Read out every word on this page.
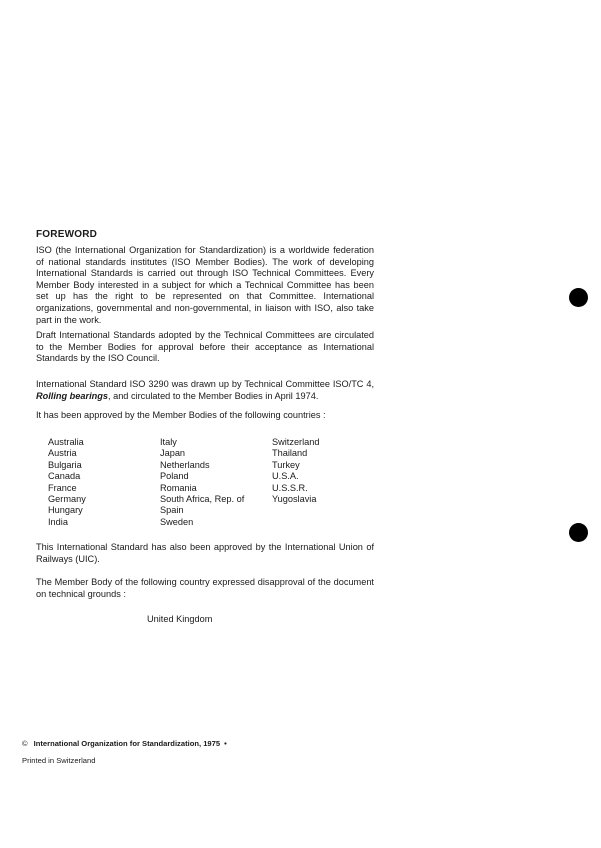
FOREWORD

ISO (the International Organization for Standardization) is a worldwide federation of national standards institutes (ISO Member Bodies). The work of developing International Standards is carried out through ISO Technical Committees. Every Member Body interested in a subject for which a Technical Committee has been set up has the right to be represented on that Committee. International organizations, governmental and non-governmental, in liaison with ISO, also take part in the work.

Draft International Standards adopted by the Technical Committees are circulated to the Member Bodies for approval before their acceptance as International Standards by the ISO Council.

International Standard ISO 3290 was drawn up by Technical Committee ISO/TC 4, Rolling bearings, and circulated to the Member Bodies in April 1974.

It has been approved by the Member Bodies of the following countries :

Australia
Austria
Bulgaria
Canada
France
Germany
Hungary
India
Italy
Japan
Netherlands
Poland
Romania
South Africa, Rep. of
Spain
Sweden
Switzerland
Thailand
Turkey
U.S.A.
U.S.S.R.
Yugoslavia

This International Standard has also been approved by the International Union of Railways (UIC).

The Member Body of the following country expressed disapproval of the document on technical grounds :

United Kingdom
© International Organization for Standardization, 1975 •
Printed in Switzerland
